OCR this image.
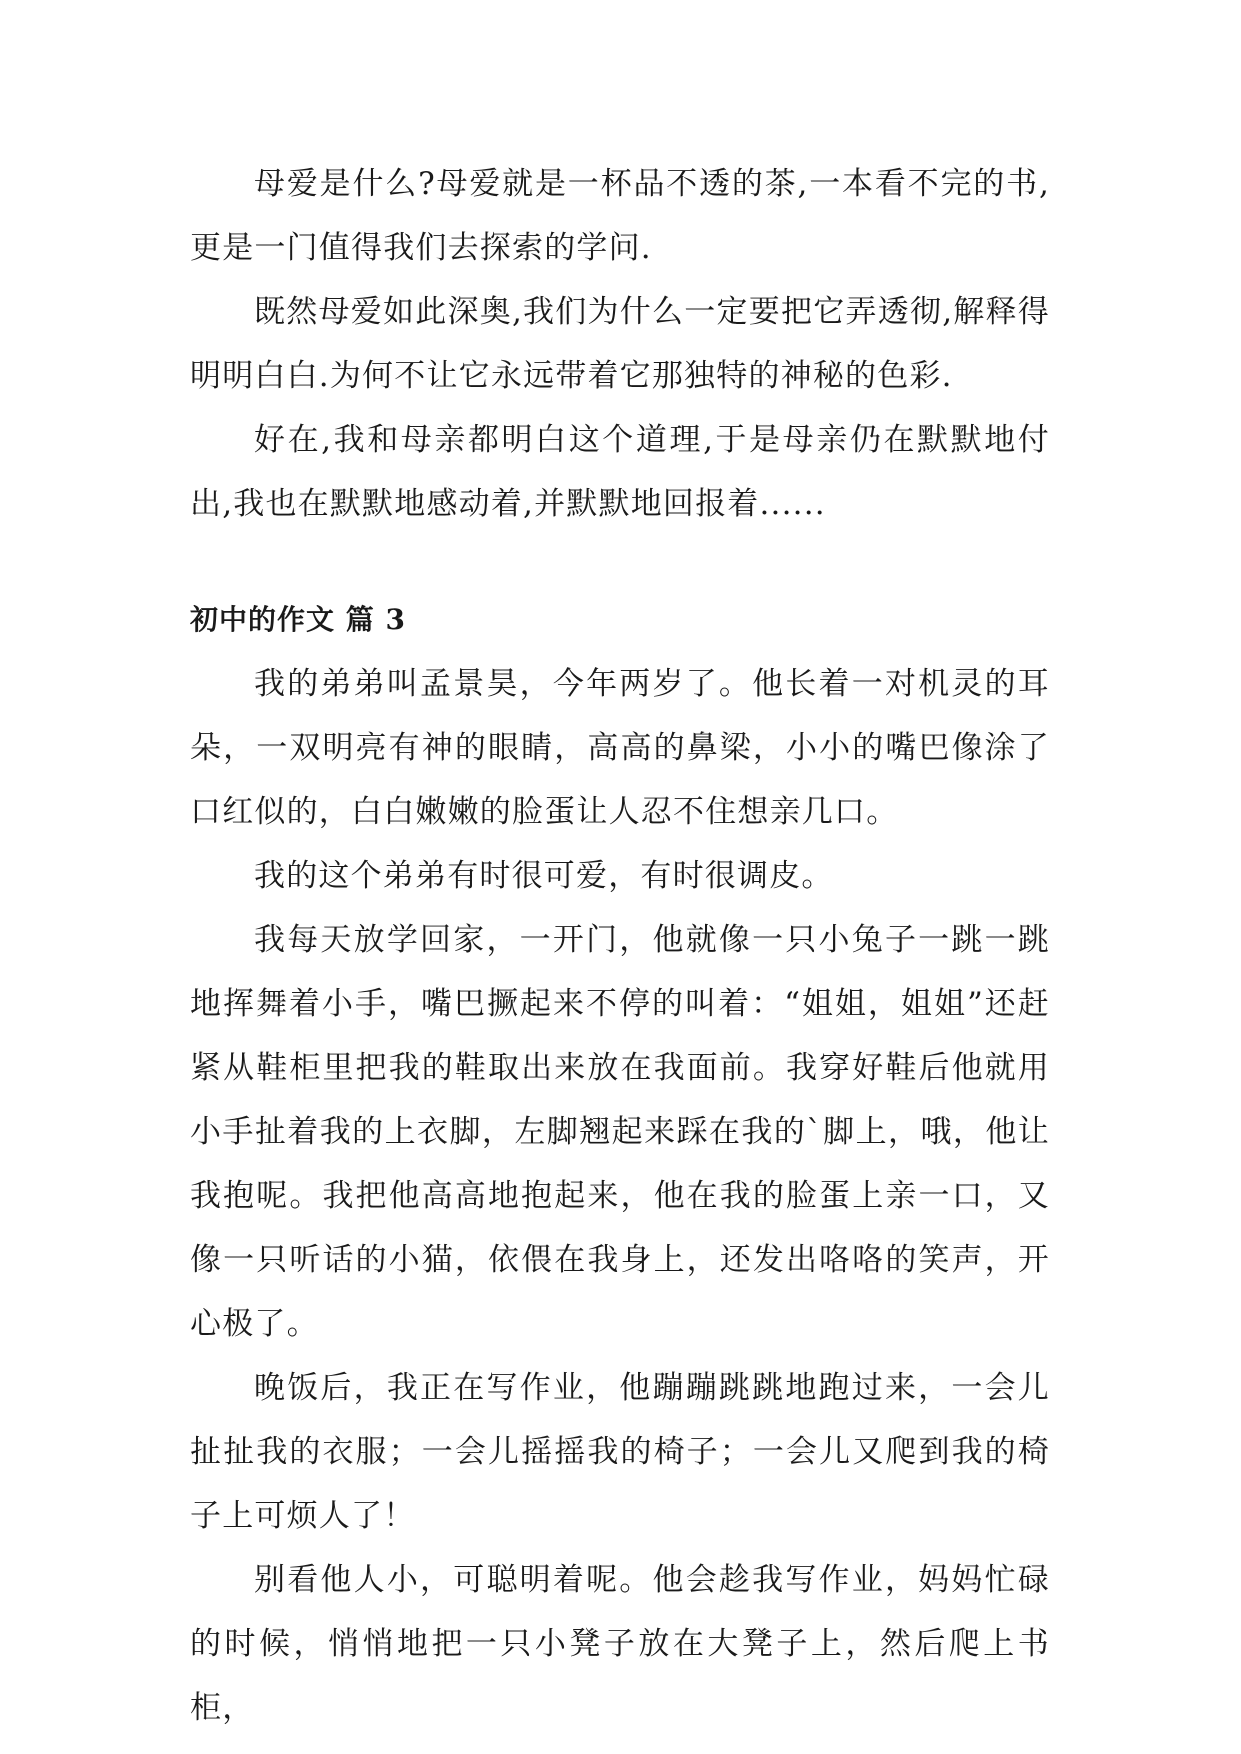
母爱是什么?母爱就是一杯品不透的茶,一本看不完的书,更是一门值得我们去探索的学问.

既然母爱如此深奥,我们为什么一定要把它弄透彻,解释得明明白白.为何不让它永远带着它那独特的神秘的色彩.

好在,我和母亲都明白这个道理,于是母亲仍在默默地付出,我也在默默地感动着,并默默地回报着......

初中的作文 篇 3

我的弟弟叫孟景昊，今年两岁了。他长着一对机灵的耳朵，一双明亮有神的眼睛，高高的鼻梁，小小的嘴巴像涂了口红似的，白白嫩嫩的脸蛋让人忍不住想亲几口。

我的这个弟弟有时很可爱，有时很调皮。

我每天放学回家，一开门，他就像一只小兔子一跳一跳地挥舞着小手，嘴巴撅起来不停的叫着：“姐姐，姐姐”还赶紧从鞋柜里把我的鞋取出来放在我面前。我穿好鞋后他就用小手扯着我的上衣脚，左脚翘起来踩在我的`脚上，哦，他让我抱呢。我把他高高地抱起来，他在我的脸蛋上亲一口，又像一只听话的小猫，依偎在我身上，还发出咯咯的笑声，开心极了。

晚饭后，我正在写作业，他蹦蹦跳跳地跑过来，一会儿扯扯我的衣服；一会儿摇摇我的椅子；一会儿又爬到我的椅子上可烦人了！

别看他人小，可聪明着呢。他会趁我写作业，妈妈忙碌的时候，悄悄地把一只小凳子放在大凳子上，然后爬上书柜，
